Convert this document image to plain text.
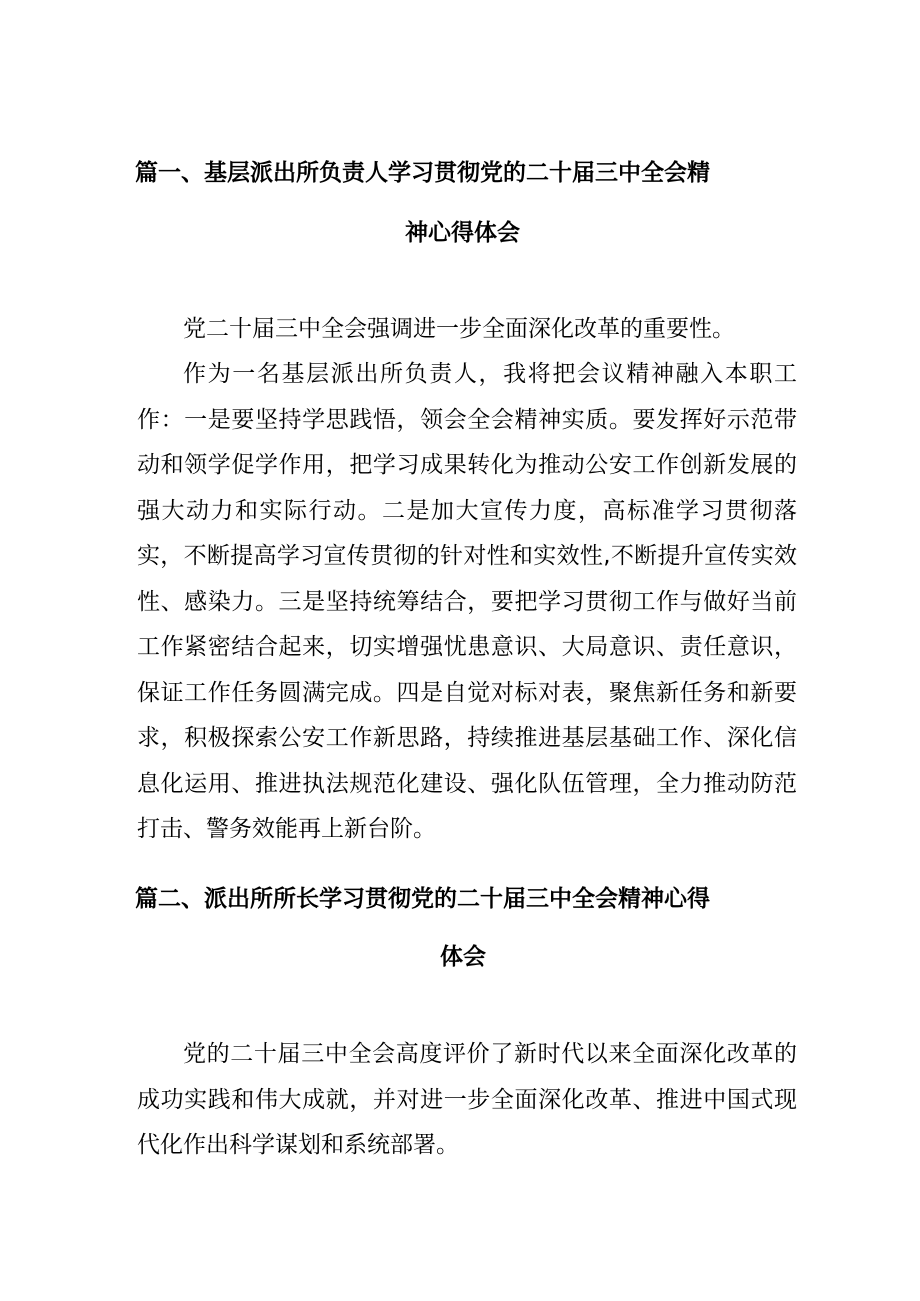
篇一、基层派出所负责人学习贯彻党的二十届三中全会精
神心得体会

党二十届三中全会强调进一步全面深化改革的重要性。

作为一名基层派出所负责人，我将把会议精神融入本职工作：一是要坚持学思践悟，领会全会精神实质。要发挥好示范带动和领学促学作用，把学习成果转化为推动公安工作创新发展的强大动力和实际行动。二是加大宣传力度，高标准学习贯彻落实，不断提高学习宣传贯彻的针对性和实效性,不断提升宣传实效性、感染力。三是坚持统筹结合，要把学习贯彻工作与做好当前工作紧密结合起来，切实增强忧患意识、大局意识、责任意识，保证工作任务圆满完成。四是自觉对标对表，聚焦新任务和新要求，积极探索公安工作新思路，持续推进基层基础工作、深化信息化运用、推进执法规范化建设、强化队伍管理，全力推动防范打击、警务效能再上新台阶。

篇二、派出所所长学习贯彻党的二十届三中全会精神心得
体会

党的二十届三中全会高度评价了新时代以来全面深化改革的成功实践和伟大成就，并对进一步全面深化改革、推进中国式现代化作出科学谋划和系统部署。
